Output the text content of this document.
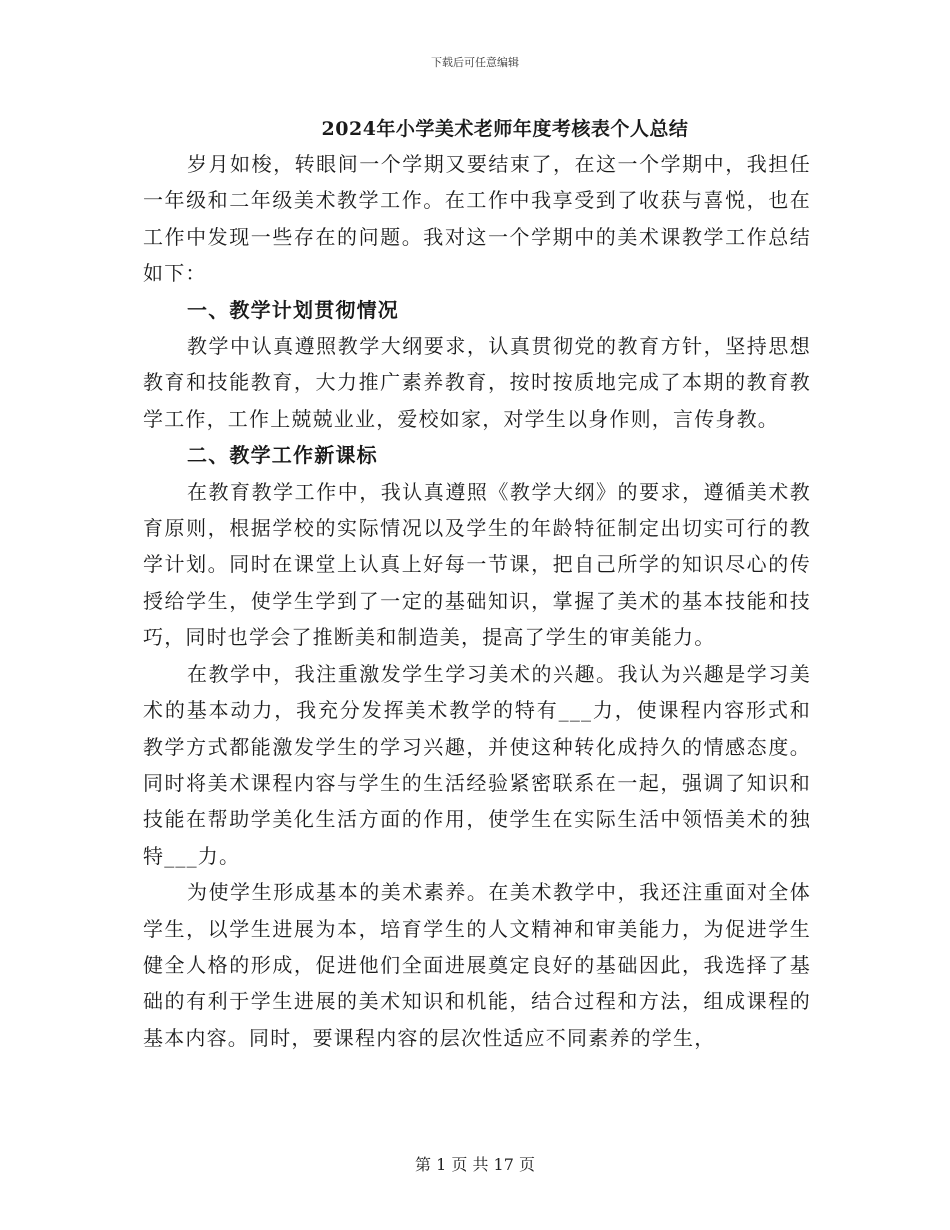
下载后可任意编辑
2024年小学美术老师年度考核表个人总结

岁月如梭，转眼间一个学期又要结束了，在这一个学期中，我担任一年级和二年级美术教学工作。在工作中我享受到了收获与喜悦，也在工作中发现一些存在的问题。我对这一个学期中的美术课教学工作总结如下：

一、教学计划贯彻情况

教学中认真遵照教学大纲要求，认真贯彻党的教育方针，坚持思想教育和技能教育，大力推广素养教育，按时按质地完成了本期的教育教学工作，工作上兢兢业业，爱校如家，对学生以身作则，言传身教。

二、教学工作新课标

在教育教学工作中，我认真遵照《教学大纲》的要求，遵循美术教育原则，根据学校的实际情况以及学生的年龄特征制定出切实可行的教学计划。同时在课堂上认真上好每一节课，把自己所学的知识尽心的传授给学生，使学生学到了一定的基础知识，掌握了美术的基本技能和技巧，同时也学会了推断美和制造美，提高了学生的审美能力。

在教学中，我注重激发学生学习美术的兴趣。我认为兴趣是学习美术的基本动力，我充分发挥美术教学的特有___力，使课程内容形式和教学方式都能激发学生的学习兴趣，并使这种转化成持久的情感态度。同时将美术课程内容与学生的生活经验紧密联系在一起，强调了知识和技能在帮助学美化生活方面的作用，使学生在实际生活中领悟美术的独特___力。

为使学生形成基本的美术素养。在美术教学中，我还注重面对全体学生，以学生进展为本，培育学生的人文精神和审美能力，为促进学生健全人格的形成，促进他们全面进展奠定良好的基础因此，我选择了基础的有利于学生进展的美术知识和机能，结合过程和方法，组成课程的基本内容。同时，要课程内容的层次性适应不同素养的学生，

第 1 页 共 17 页
